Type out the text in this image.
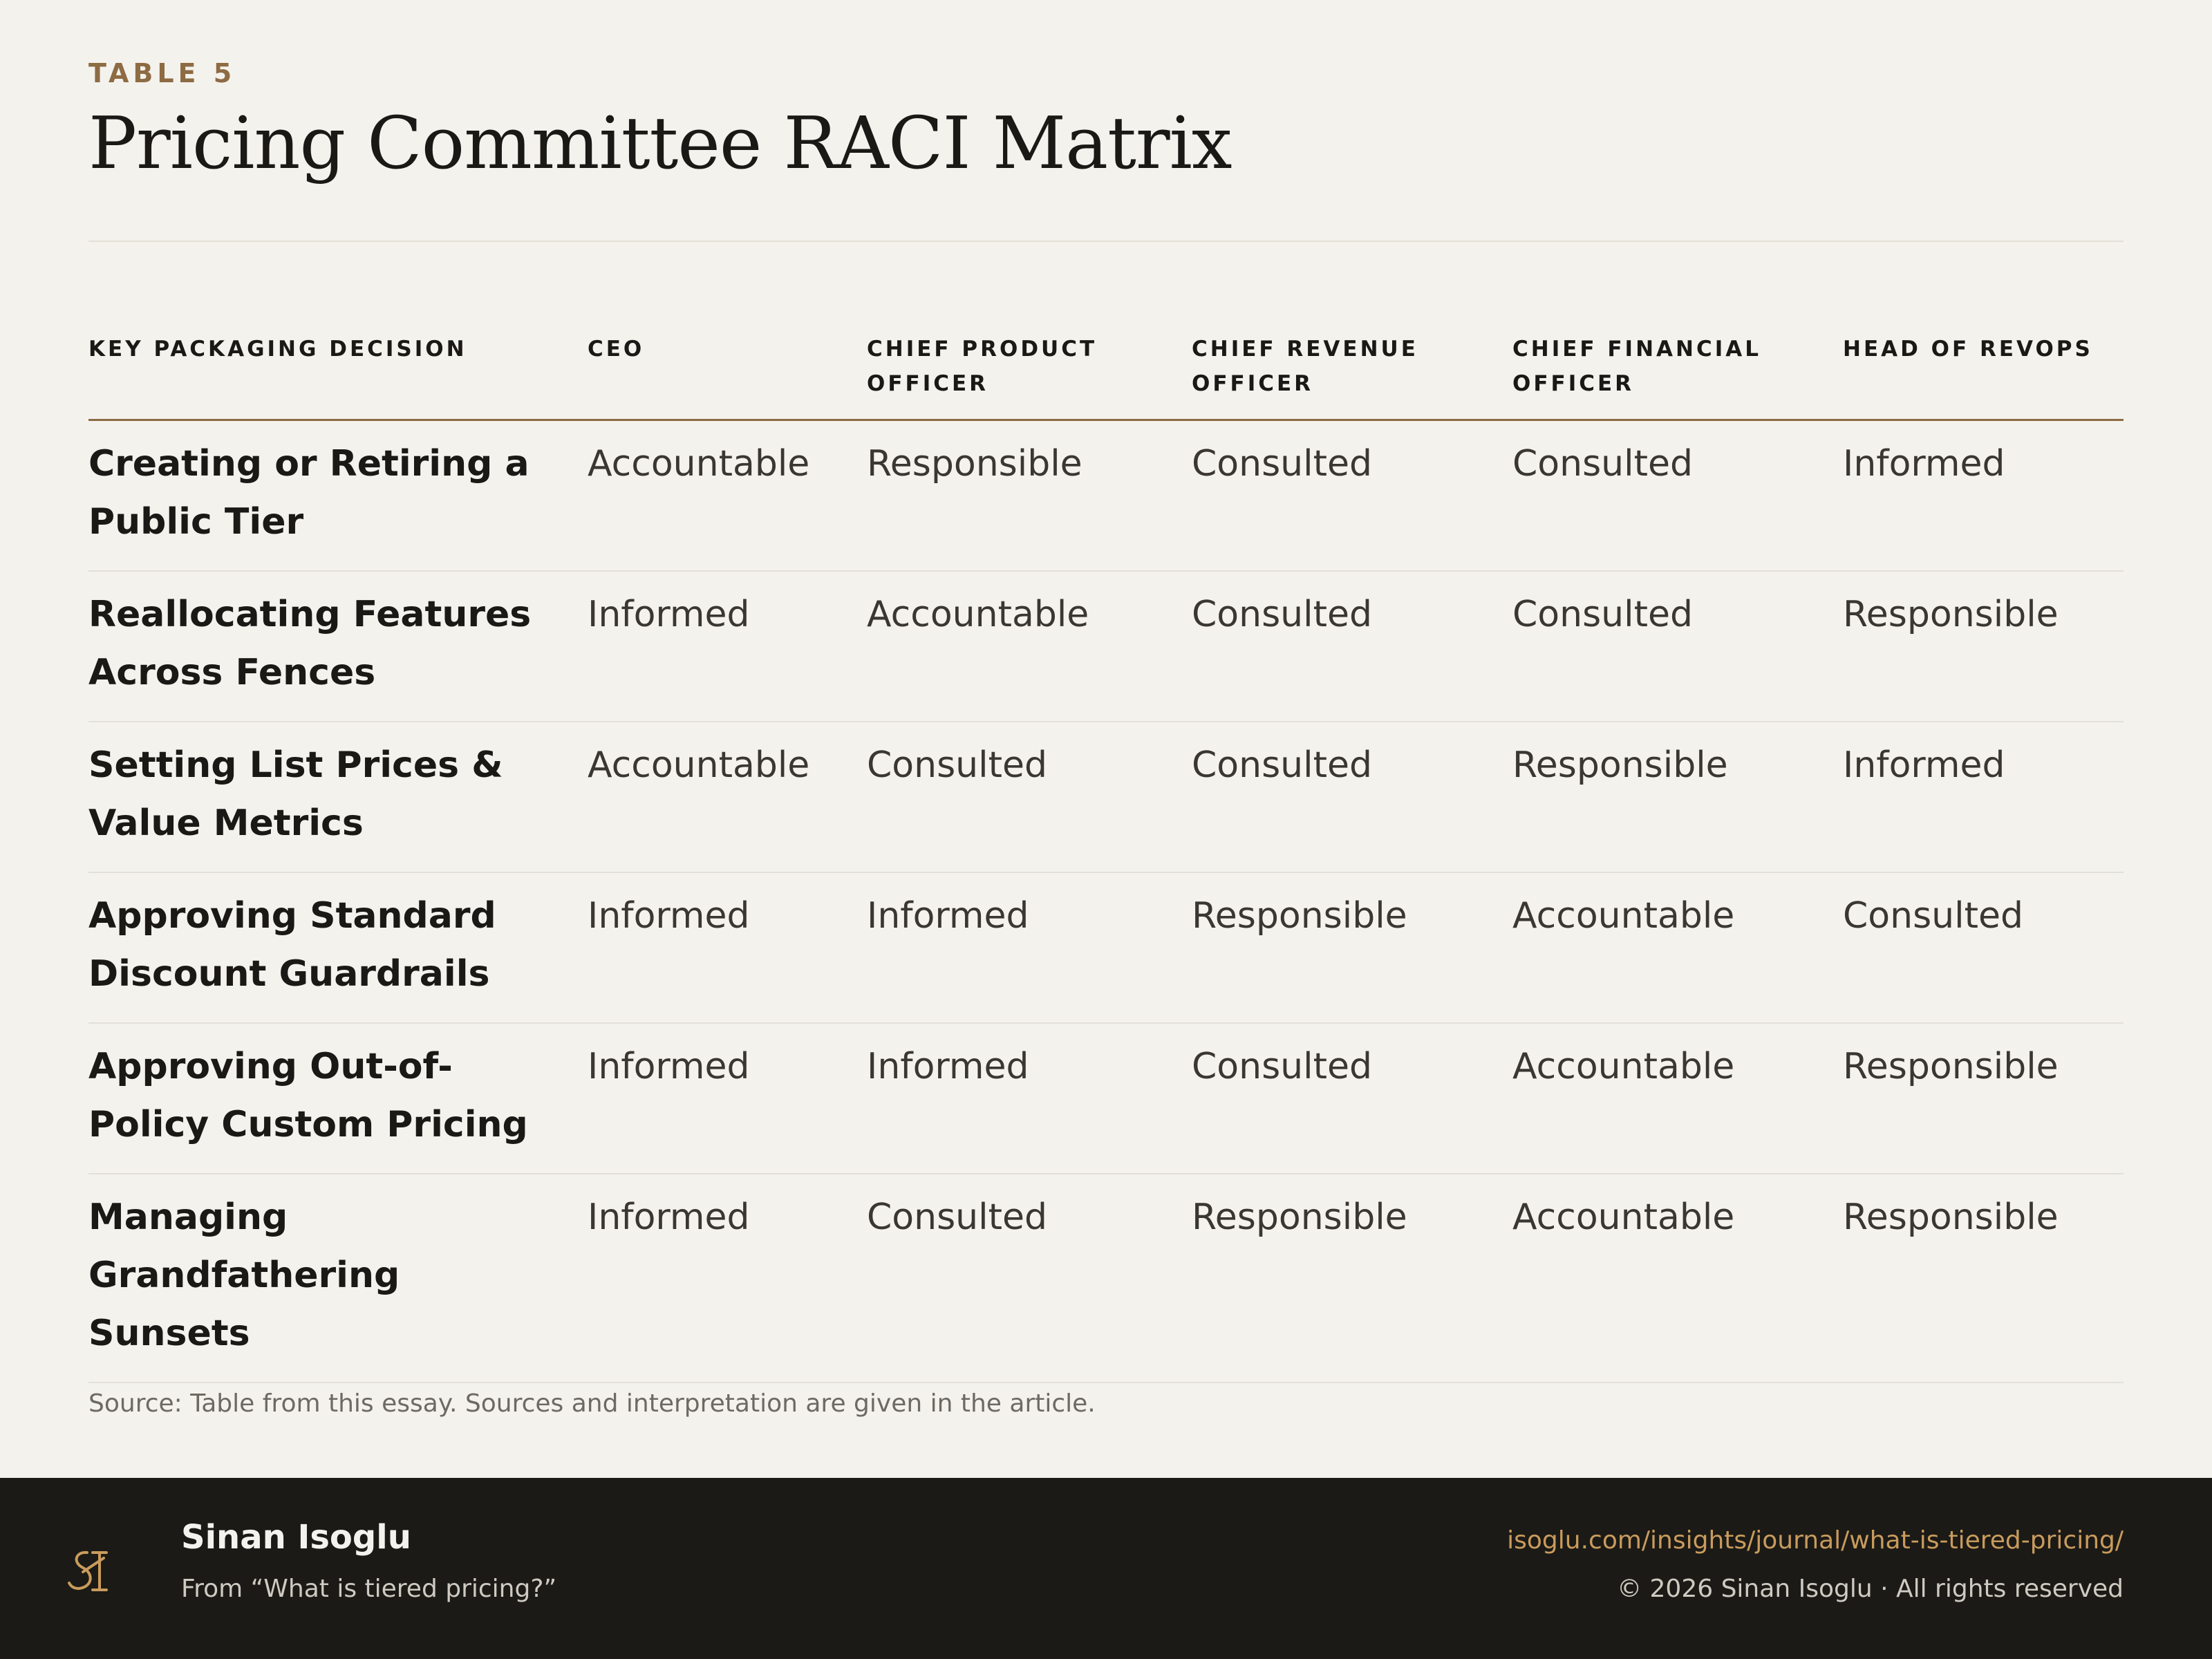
TABLE 5
Pricing Committee RACI Matrix
KEY PACKAGING DECISION	CEO	CHIEF PRODUCT OFFICER	CHIEF REVENUE OFFICER	CHIEF FINANCIAL OFFICER	HEAD OF REVOPS
Creating or Retiring a Public Tier	Accountable	Responsible	Consulted	Consulted	Informed
Reallocating Features Across Fences	Informed	Accountable	Consulted	Consulted	Responsible
Setting List Prices & Value Metrics	Accountable	Consulted	Consulted	Responsible	Informed
Approving Standard Discount Guardrails	Informed	Informed	Responsible	Accountable	Consulted
Approving Out-of-Policy Custom Pricing	Informed	Informed	Consulted	Accountable	Responsible
Managing Grandfathering Sunsets	Informed	Consulted	Responsible	Accountable	Responsible
Source: Table from this essay. Sources and interpretation are given in the article.
Sinan Isoglu
From “What is tiered pricing?”
isoglu.com/insights/journal/what-is-tiered-pricing/
© 2026 Sinan Isoglu · All rights reserved
